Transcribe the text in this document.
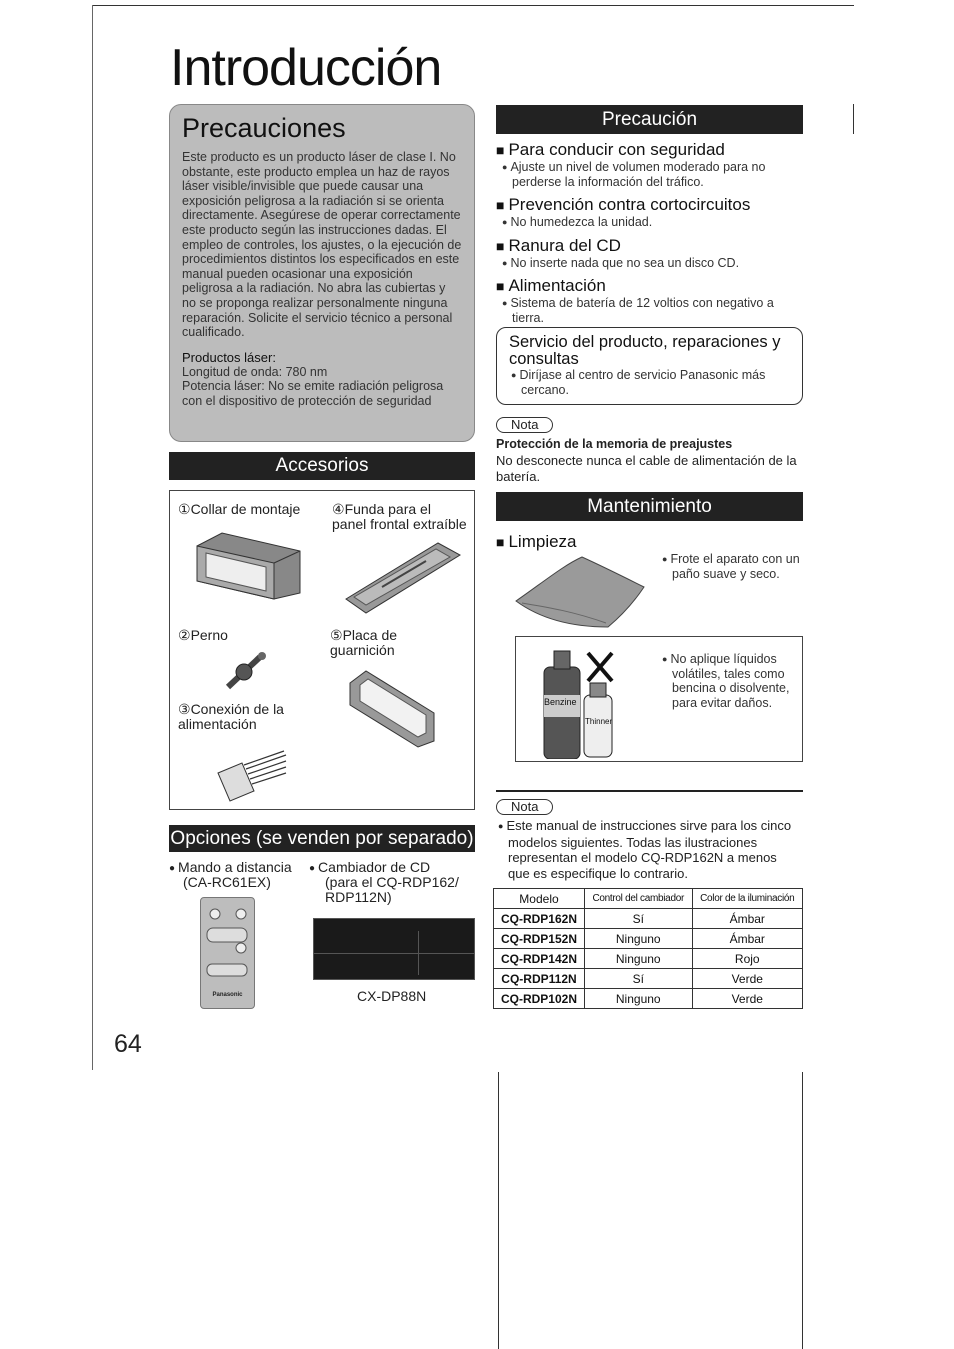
Introducción
Precauciones
Este producto es un producto láser de clase I. No obstante, este producto emplea un haz de rayos láser visible/invisible que puede causar una exposición peligrosa a la radiación si se orienta directamente. Asegúrese de operar correctamente este producto según las instrucciones dadas. El empleo de controles, los ajustes, o la ejecución de procedimientos distintos los especificados en este manual pueden ocasionar una exposición peligrosa a la radiación. No abra las cubiertas y no se proponga realizar personalmente ninguna reparación. Solicite el servicio técnico a personal cualificado.
Productos láser:
Longitud de onda: 780 nm
Potencia láser: No se emite radiación peligrosa con el dispositivo de protección de seguridad
Accesorios
①Collar de montaje
②Perno
③Conexión de la alimentación
④Funda para el panel frontal extraíble
⑤Placa de guarnición
Opciones (se venden por separado)
● Mando a distancia
(CA-RC61EX)
● Cambiador de CD
(para el CQ-RDP162/ RDP112N)
Panasonic	CX-DP88N
Precaución
■ Para conducir con seguridad
● Ajuste un nivel de volumen moderado para no perderse la información del tráfico.
■ Prevención contra cortocircuitos
● No humedezca la unidad.
■ Ranura del CD
● No inserte nada que no sea un disco CD.
■ Alimentación
● Sistema de batería de 12 voltios con negativo a tierra.
Servicio del producto, reparaciones y consultas
● Diríjase al centro de servicio Panasonic más cercano.
Nota
Protección de la memoria de preajustes
No desconecte nunca el cable de alimentación de la batería.
Mantenimiento
■ Limpieza
● Frote el aparato con un paño suave y seco.
Benzine
Thinner
● No aplique líquidos volátiles, tales como bencina o disolvente, para evitar daños.
Nota
● Este manual de instrucciones sirve para los cinco modelos siguientes. Todas las ilustraciones representan el modelo CQ-RDP162N a menos que es especifique lo contrario.
Modelo	Control del cambiador	Color de la iluminación
CQ-RDP162N	Sí	Ámbar
CQ-RDP152N	Ninguno	Ámbar
CQ-RDP142N	Ninguno	Rojo
CQ-RDP112N	Sí	Verde
CQ-RDP102N	Ninguno	Verde
64
